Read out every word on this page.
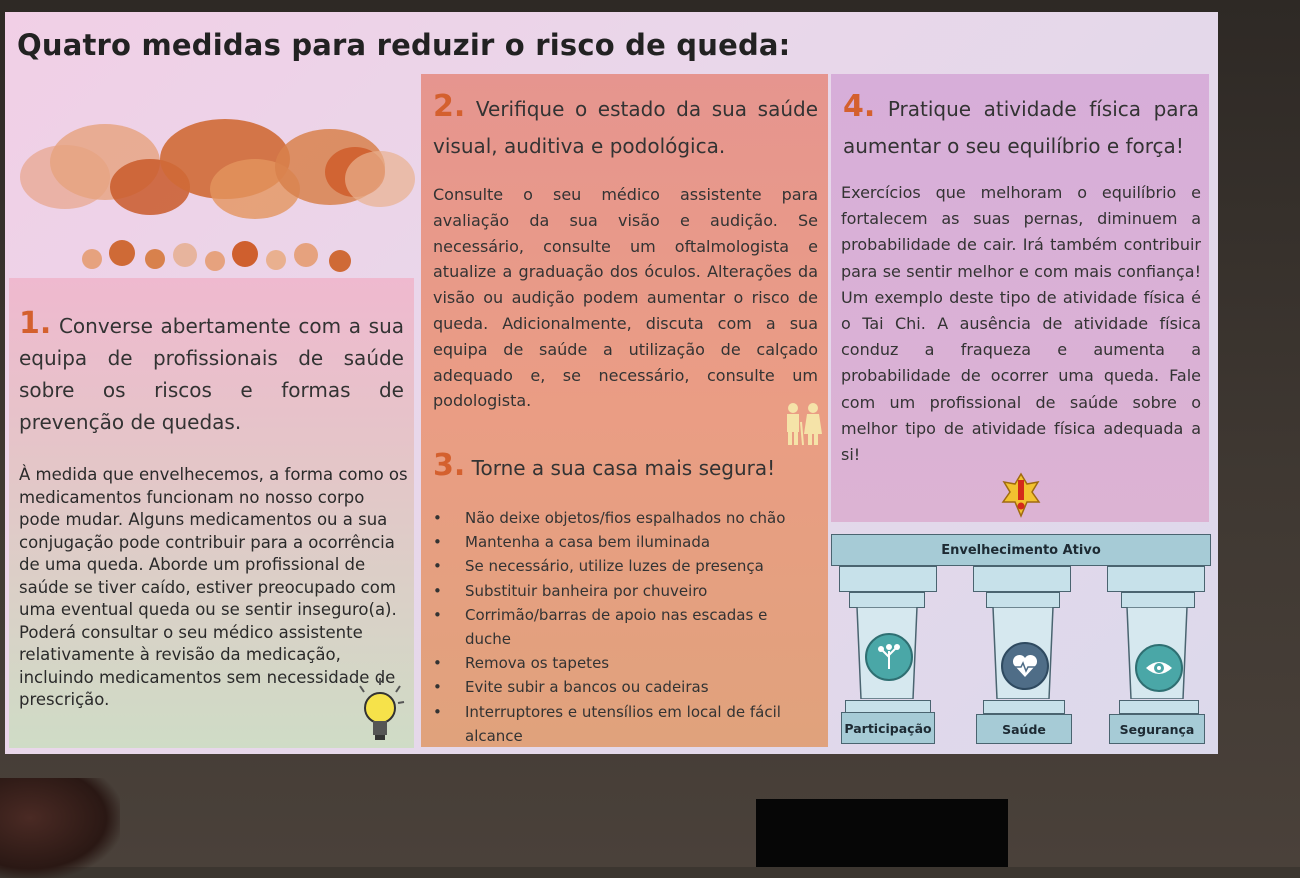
Quatro medidas para reduzir o risco de queda:
1. Converse abertamente com a sua equipa de profissionais de saúde sobre os riscos e formas de prevenção de quedas.
À medida que envelhecemos, a forma como os medicamentos funcionam no nosso corpo pode mudar. Alguns medicamentos ou a sua conjugação pode contribuir para a ocorrência de uma queda. Aborde um profissional de saúde se tiver caído, estiver preocupado com uma eventual queda ou se sentir inseguro(a). Poderá consultar o seu médico assistente relativamente à revisão da medicação, incluindo medicamentos sem necessidade de prescrição.
2. Verifique o estado da sua saúde visual, auditiva e podológica.
Consulte o seu médico assistente para avaliação da sua visão e audição. Se necessário, consulte um oftalmologista e atualize a graduação dos óculos. Alterações da visão ou audição podem aumentar o risco de queda. Adicionalmente, discuta com a sua equipa de saúde a utilização de calçado adequado e, se necessário, consulte um podologista.
3. Torne a sua casa mais segura!
• Não deixe objetos/fios espalhados no chão
• Mantenha a casa bem iluminada
• Se necessário, utilize luzes de presença
• Substituir banheira por chuveiro
• Corrimão/barras de apoio nas escadas e duche
• Remova os tapetes
• Evite subir a bancos ou cadeiras
• Interruptores e utensílios em local de fácil alcance
4. Pratique atividade física para aumentar o seu equilíbrio e força!
Exercícios que melhoram o equilíbrio e fortalecem as suas pernas, diminuem a probabilidade de cair. Irá também contribuir para se sentir melhor e com mais confiança! Um exemplo deste tipo de atividade física é o Tai Chi. A ausência de atividade física conduz a fraqueza e aumenta a probabilidade de ocorrer uma queda. Fale com um profissional de saúde sobre o melhor tipo de atividade física adequada a si!
Envelhecimento Ativo
Participação	Saúde	Segurança
